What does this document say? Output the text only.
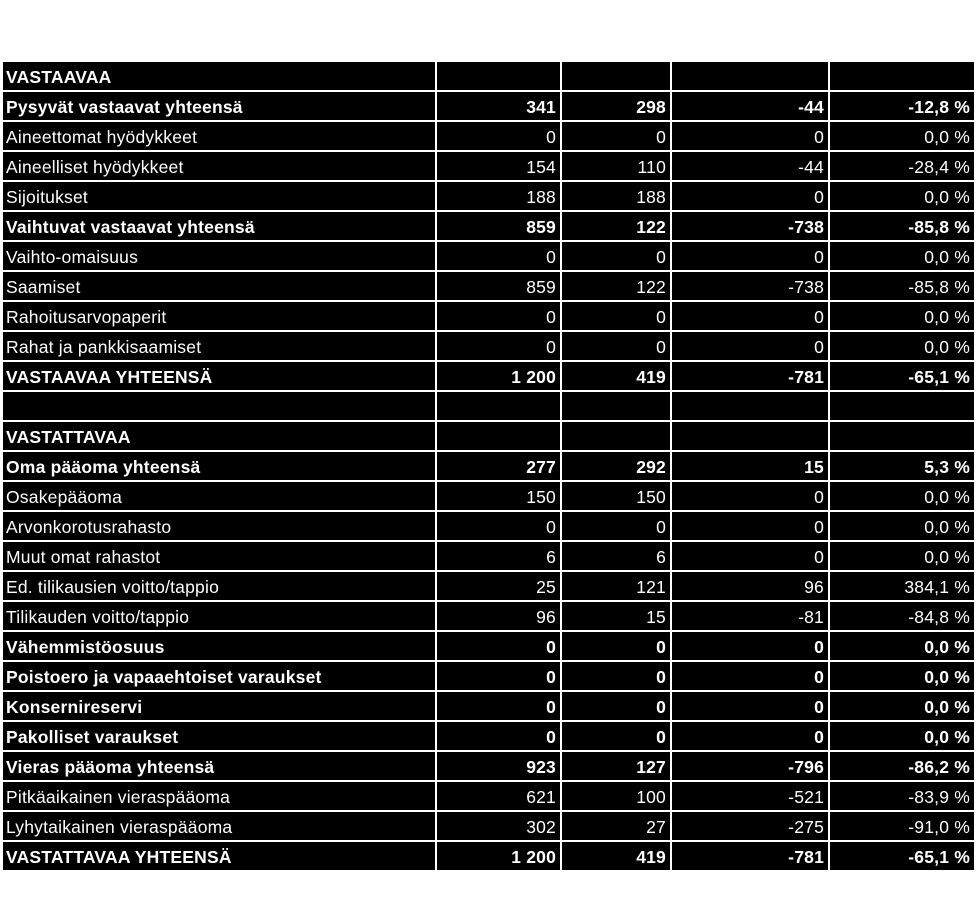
VASTAAVAA				
Pysyvät vastaavat yhteensä	341	298	-44	-12,8 %
Aineettomat hyödykkeet	0	0	0	0,0 %
Aineelliset hyödykkeet	154	110	-44	-28,4 %
Sijoitukset	188	188	0	0,0 %
Vaihtuvat vastaavat yhteensä	859	122	-738	-85,8 %
Vaihto-omaisuus	0	0	0	0,0 %
Saamiset	859	122	-738	-85,8 %
Rahoitusarvopaperit	0	0	0	0,0 %
Rahat ja pankkisaamiset	0	0	0	0,0 %
VASTAAVAA YHTEENSÄ	1 200	419	-781	-65,1 %

VASTATTAVAA				
Oma pääoma yhteensä	277	292	15	5,3 %
Osakepääoma	150	150	0	0,0 %
Arvonkorotusrahasto	0	0	0	0,0 %
Muut omat rahastot	6	6	0	0,0 %
Ed. tilikausien voitto/tappio	25	121	96	384,1 %
Tilikauden voitto/tappio	96	15	-81	-84,8 %
Vähemmistöosuus	0	0	0	0,0 %
Poistoero ja vapaaehtoiset varaukset	0	0	0	0,0 %
Konsernireservi	0	0	0	0,0 %
Pakolliset varaukset	0	0	0	0,0 %
Vieras pääoma yhteensä	923	127	-796	-86,2 %
Pitkäaikainen vieraspääoma	621	100	-521	-83,9 %
Lyhytaikainen vieraspääoma	302	27	-275	-91,0 %
VASTATTAVAA YHTEENSÄ	1 200	419	-781	-65,1 %
